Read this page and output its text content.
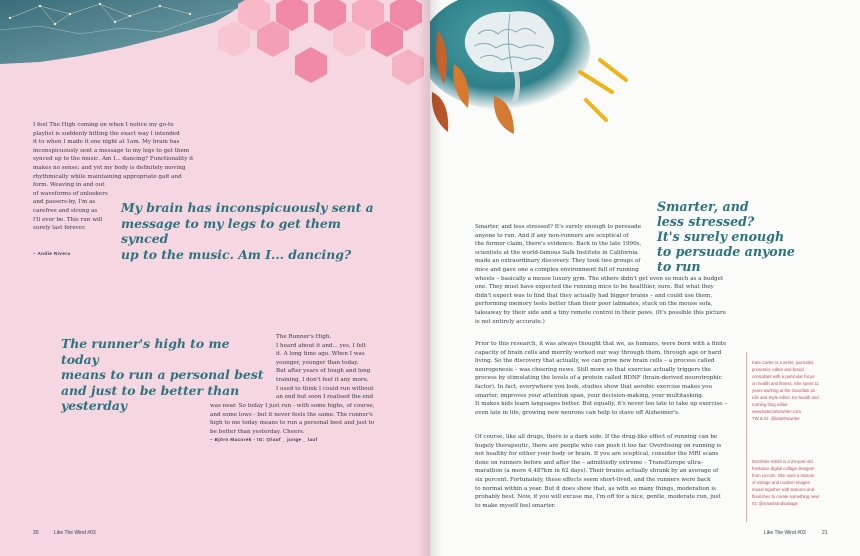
I feel The High coming on when I notice my go-to
playlist is suddenly hitting the exact way I intended
it to when I made it one night at 1am. My brain has
inconspicuously sent a message to my legs to get them
synced up to the music. Am I... dancing? Functionality it
makes no sense; and yet my body is definitely moving
rhythmically while maintaining appropriate gait and
form. Weaving in and out
of waveforms of onlookers
and passers-by, I'm as
carefree and strong as
I'll ever be. This run will
surely last forever.

My brain has inconspicuously sent a
message to my legs to get them synced
up to the music. Am I... dancing?

– Andie Rivera

The runner's high to me today
means to run a personal best
and just to be better than
yesterday

The Runner's High.
I heard about it and... yes, I felt
it. A long time ago. When I was
younger, younger than today.
But after years of tough and long
training, I don't feel it any more.
I used to think I could run without
an end but soon I realised the end

was near. So today I just run - with some highs, of course,
and some lows - but it never feels the same. The runner's
high to me today means to run a personal best and just to
be better than yesterday. Cheers.

– Björn Macorek - IG: @lauf _ junge _ lauf
20	Like The Wind #03

Smarter, and
less stressed?
It's surely enough
to persuade anyone
to run

Smarter, and less stressed? It's surely enough to persuade
anyone to run. And if any non-runners are sceptical of
the former claim, there's evidence. Back in the late 1990s,
scientists at the world-famous Salk Institute in California
made an extraordinary discovery. They took two groups of
mice and gave one a complex environment full of running
wheels – basically a mouse luxury gym. The others didn't get even so much as a budget
one. They must have expected the running mice to be healthier, sure. But what they
didn't expect was to find that they actually had bigger brains – and could use them,
performing memory tests better than their poor labmates, stuck on the mouse sofa,
takeaway by their side and a tiny remote control in their paws. (It's possible this picture
is not entirely accurate.)

Prior to this research, it was always thought that we, as humans, were born with a finite
capacity of brain cells and merrily worked our way through them, through age or hard
living. So the discovery that actually, we can grow new brain cells – a process called
neurogenesis – was cheering news. Still more so that exercise actually triggers the
process by stimulating the levels of a protein called BDNF (brain-derived neurotrophic
factor). In fact, everywhere you look, studies show that aerobic exercise makes you
smarter, improves your attention span, your decision-making, your multitasking.
It makes kids learn languages better. But equally, it's never too late to take up exercise –
even late in life, growing new neurons can help to stave off Alzheimer's.

Of course, like all drugs, there is a dark side. If the drug-like effect of running can be
hugely therapeutic, there are people who can push it too far. Overdosing on running is
not healthy for either your body or brain. If you are sceptical, consider the MRI scans
done on runners before and after the – admittedly extreme – TransEurope ultra-
marathon (a mere 4,487km in 62 days). Their brains actually shrank by an average of
six percent. Fortunately, these effects seem short-lived, and the runners were back
to normal within a year. But it does show that, as with so many things, moderation is
probably best. Now, if you will excuse me, I'm off for a nice, gentle, moderate run, just
to make myself feel smarter.

Kate Carter is a writer, journalist,
presenter, editor and brand
consultant with a particular focus
on health and fitness. She spent 11
years working at the Guardian as
Life and Style editor. Ex-health and
running blog editor.
www.katecarterwriter.com
TW & IG: @katethewriter

Dorothée Smith is a 29-year-old
freelance digital collage designer
from Lincoln. She uses a mixture
of vintage and modern images
mixed together with textures and
flourishes to create something new!
IG: @smashandsalvage

Like The Wind #03	21
